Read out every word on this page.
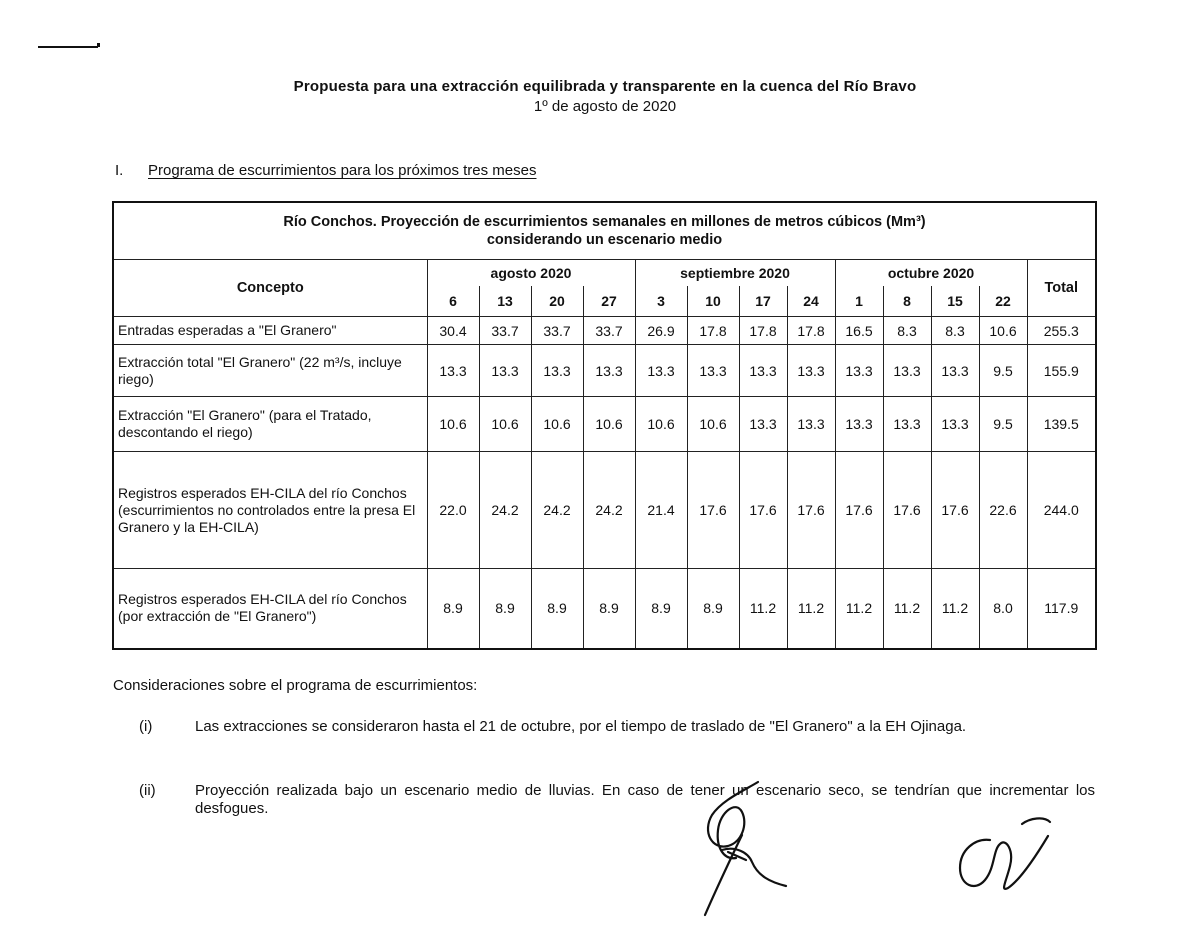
Propuesta para una extracción equilibrada y transparente en la cuenca del Río Bravo
1º de agosto de 2020
I. Programa de escurrimientos para los próximos tres meses
Río Conchos. Proyección de escurrimientos semanales en millones de metros cúbicos (Mm³)
considerando un escenario medio													
Concepto	agosto 2020				septiembre 2020				octubre 2020				Total
	6	13	20	27	3	10	17	24	1	8	15	22	
Entradas esperadas a "El Granero"	30.4	33.7	33.7	33.7	26.9	17.8	17.8	17.8	16.5	8.3	8.3	10.6	255.3
Extracción total "El Granero" (22 m³/s, incluye riego)	13.3	13.3	13.3	13.3	13.3	13.3	13.3	13.3	13.3	13.3	13.3	9.5	155.9
Extracción "El Granero" (para el Tratado, descontando el riego)	10.6	10.6	10.6	10.6	10.6	10.6	13.3	13.3	13.3	13.3	13.3	9.5	139.5
Registros esperados EH-CILA del río Conchos (escurrimientos no controlados entre la presa El Granero y la EH-CILA)	22.0	24.2	24.2	24.2	21.4	17.6	17.6	17.6	17.6	17.6	17.6	22.6	244.0
Registros esperados EH-CILA del río Conchos (por extracción de "El Granero")	8.9	8.9	8.9	8.9	8.9	8.9	11.2	11.2	11.2	11.2	11.2	8.0	117.9
Consideraciones sobre el programa de escurrimientos:
(i)	Las extracciones se consideraron hasta el 21 de octubre, por el tiempo de traslado de "El Granero" a la EH Ojinaga.
(ii)	Proyección realizada bajo un escenario medio de lluvias. En caso de tener un escenario seco, se tendrían que incrementar los desfogues.
